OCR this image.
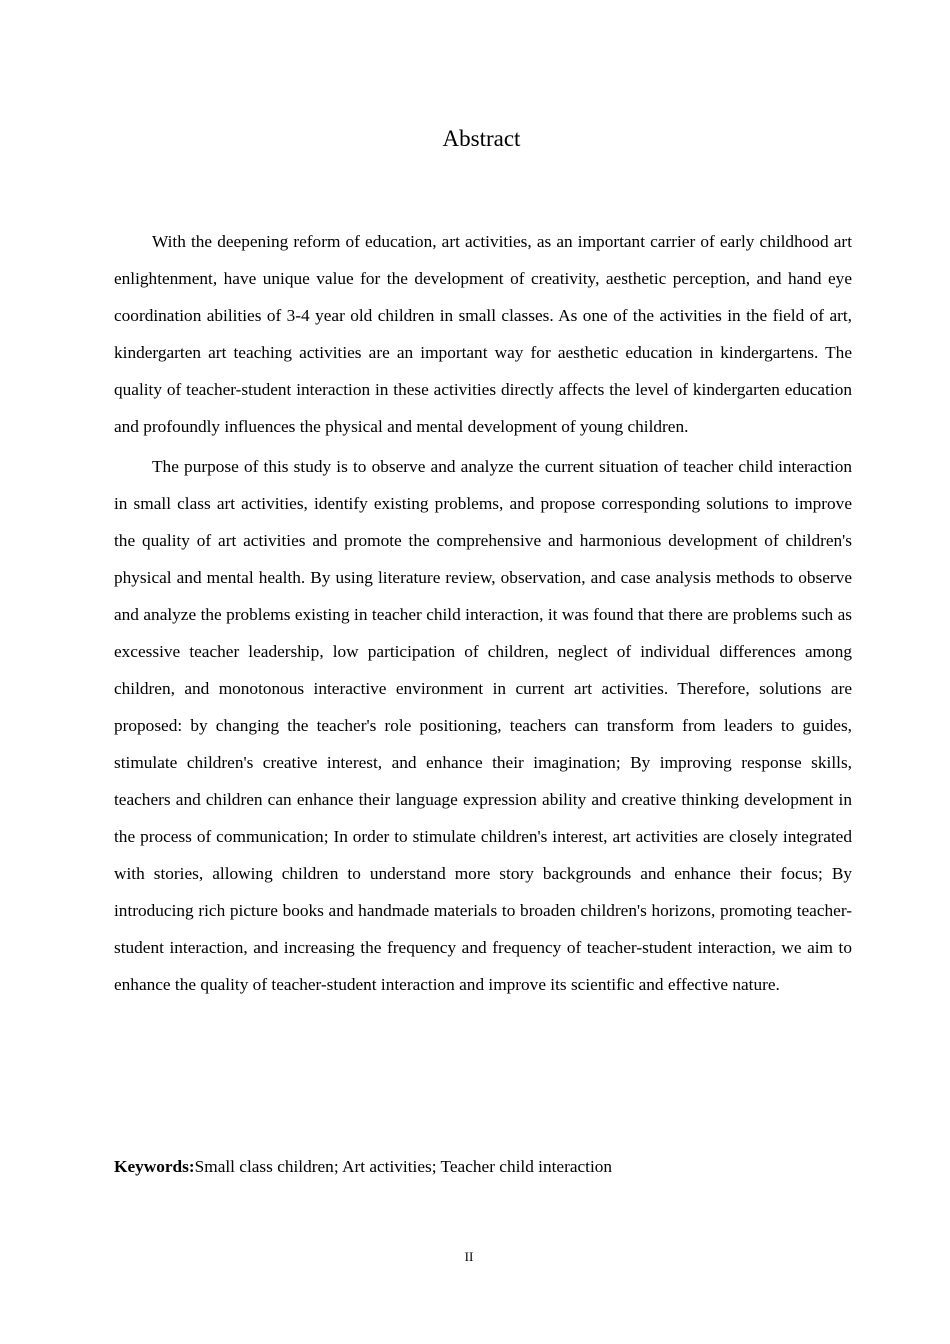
Abstract

With the deepening reform of education, art activities, as an important carrier of early childhood art enlightenment, have unique value for the development of creativity, aesthetic perception, and hand eye coordination abilities of 3-4 year old children in small classes. As one of the activities in the field of art, kindergarten art teaching activities are an important way for aesthetic education in kindergartens. The quality of teacher-student interaction in these activities directly affects the level of kindergarten education and profoundly influences the physical and mental development of young children.

The purpose of this study is to observe and analyze the current situation of teacher child interaction in small class art activities, identify existing problems, and propose corresponding solutions to improve the quality of art activities and promote the comprehensive and harmonious development of children's physical and mental health. By using literature review, observation, and case analysis methods to observe and analyze the problems existing in teacher child interaction, it was found that there are problems such as excessive teacher leadership, low participation of children, neglect of individual differences among children, and monotonous interactive environment in current art activities. Therefore, solutions are proposed: by changing the teacher's role positioning, teachers can transform from leaders to guides, stimulate children's creative interest, and enhance their imagination; By improving response skills, teachers and children can enhance their language expression ability and creative thinking development in the process of communication; In order to stimulate children's interest, art activities are closely integrated with stories, allowing children to understand more story backgrounds and enhance their focus; By introducing rich picture books and handmade materials to broaden children's horizons, promoting teacher-student interaction, and increasing the frequency and frequency of teacher-student interaction, we aim to enhance the quality of teacher-student interaction and improve its scientific and effective nature.

Keywords:Small class children; Art activities; Teacher child interaction

II
